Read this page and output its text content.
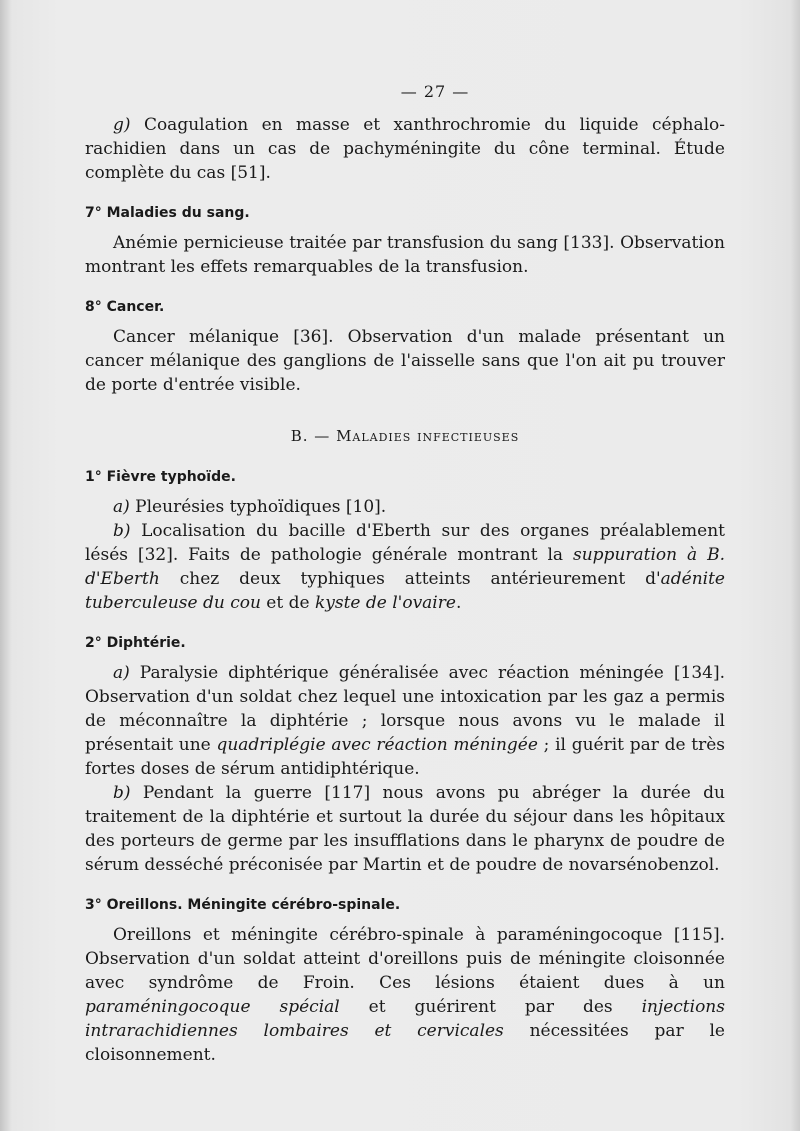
— 27 —

g) Coagulation en masse et xanthrochromie du liquide céphalo-rachidien dans un cas de pachyméningite du cône terminal. Étude complète du cas [51].

7° Maladies du sang.

Anémie pernicieuse traitée par transfusion du sang [133]. Observation montrant les effets remarquables de la transfusion.

8° Cancer.

Cancer mélanique [36]. Observation d'un malade présentant un cancer mélanique des ganglions de l'aisselle sans que l'on ait pu trouver de porte d'entrée visible.

B. — Maladies infectieuses
1° Fièvre typhoïde.

a) Pleurésies typhoïdiques [10].

b) Localisation du bacille d'Eberth sur des organes préalablement lésés [32]. Faits de pathologie générale montrant la suppuration à B. d'Eberth chez deux typhiques atteints antérieurement d'adénite tuberculeuse du cou et de kyste de l'ovaire.

2° Diphtérie.

a) Paralysie diphtérique généralisée avec réaction méningée [134]. Observation d'un soldat chez lequel une intoxication par les gaz a permis de méconnaître la diphtérie ; lorsque nous avons vu le malade il présentait une quadriplégie avec réaction méningée ; il guérit par de très fortes doses de sérum antidiphtérique.

b) Pendant la guerre [117] nous avons pu abréger la durée du traitement de la diphtérie et surtout la durée du séjour dans les hôpitaux des porteurs de germe par les insufflations dans le pharynx de poudre de sérum desséché préconisée par Martin et de poudre de novarsénobenzol.

3° Oreillons. Méningite cérébro-spinale.

Oreillons et méningite cérébro-spinale à paraméningocoque [115]. Observation d'un soldat atteint d'oreillons puis de méningite cloisonnée avec syndrôme de Froin. Ces lésions étaient dues à un paraméningocoque spécial et guérirent par des injections intrarachidiennes lombaires et cervicales nécessitées par le cloisonnement.
